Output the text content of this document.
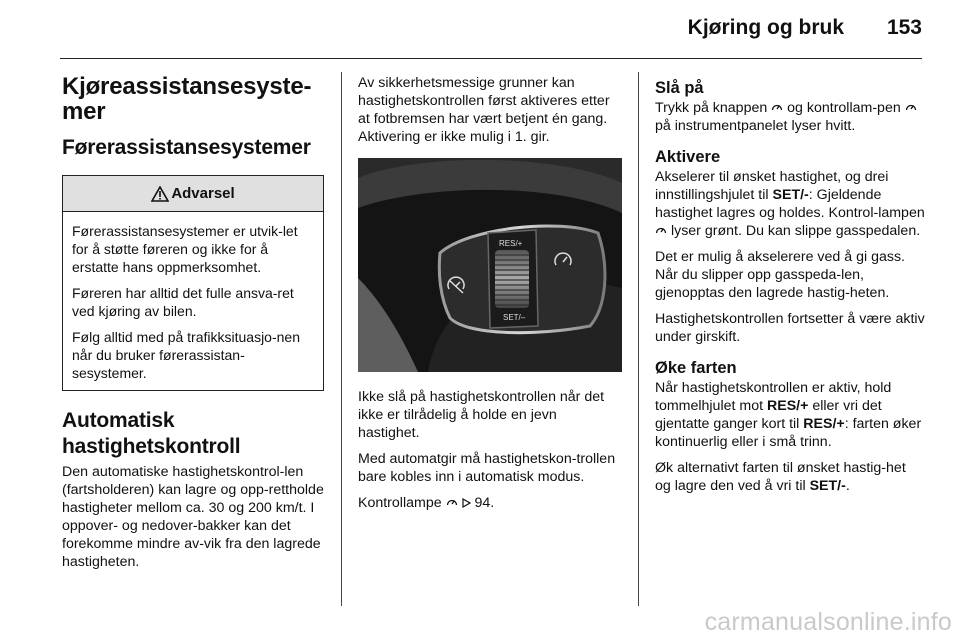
Kjøring og bruk 153
Kjøreassistansesyste-mer
Førerassistansesystemer
Advarsel

Førerassistansesystemer er utvik-let for å støtte føreren og ikke for å erstatte hans oppmerksomhet.

Føreren har alltid det fulle ansva-ret ved kjøring av bilen.

Følg alltid med på trafikksituasjo-nen når du bruker førerassistan-sesystemer.

Automatisk hastighetskontroll

Den automatiske hastighetskontrol-len (fartsholderen) kan lagre og opp-rettholde hastigheter mellom ca. 30 og 200 km/t. I oppover- og nedover-bakker kan det forekomme mindre av-vik fra den lagrede hastigheten.

Av sikkerhetsmessige grunner kan hastighetskontrollen først aktiveres etter at fotbremsen har vært betjent én gang. Aktivering er ikke mulig i 1. gir.

RES/+
SET/–

Ikke slå på hastighetskontrollen når det ikke er tilrådelig å holde en jevn hastighet.

Med automatgir må hastighetskon-trollen bare kobles inn i automatisk modus.

Kontrollampe 94.

Slå på

Trykk på knappen og kontrollam-pen  på instrumentpanelet lyser hvitt.

Aktivere

Akselerer til ønsket hastighet, og drei innstillingshjulet til SET/-: Gjeldende hastighet lagres og holdes. Kontrol-lampen  lyser grønt. Du kan slippe gasspedalen.

Det er mulig å akselerere ved å gi gass. Når du slipper opp gasspeda-len, gjenopptas den lagrede hastig-heten.

Hastighetskontrollen fortsetter å være aktiv under girskift.

Øke farten

Når hastighetskontrollen er aktiv, hold tommelhjulet mot RES/+ eller vri det gjentatte ganger kort til RES/+: farten øker kontinuerlig eller i små trinn.

Øk alternativt farten til ønsket hastig-het og lagre den ved å vri til SET/-.

carmanualsonline.info
